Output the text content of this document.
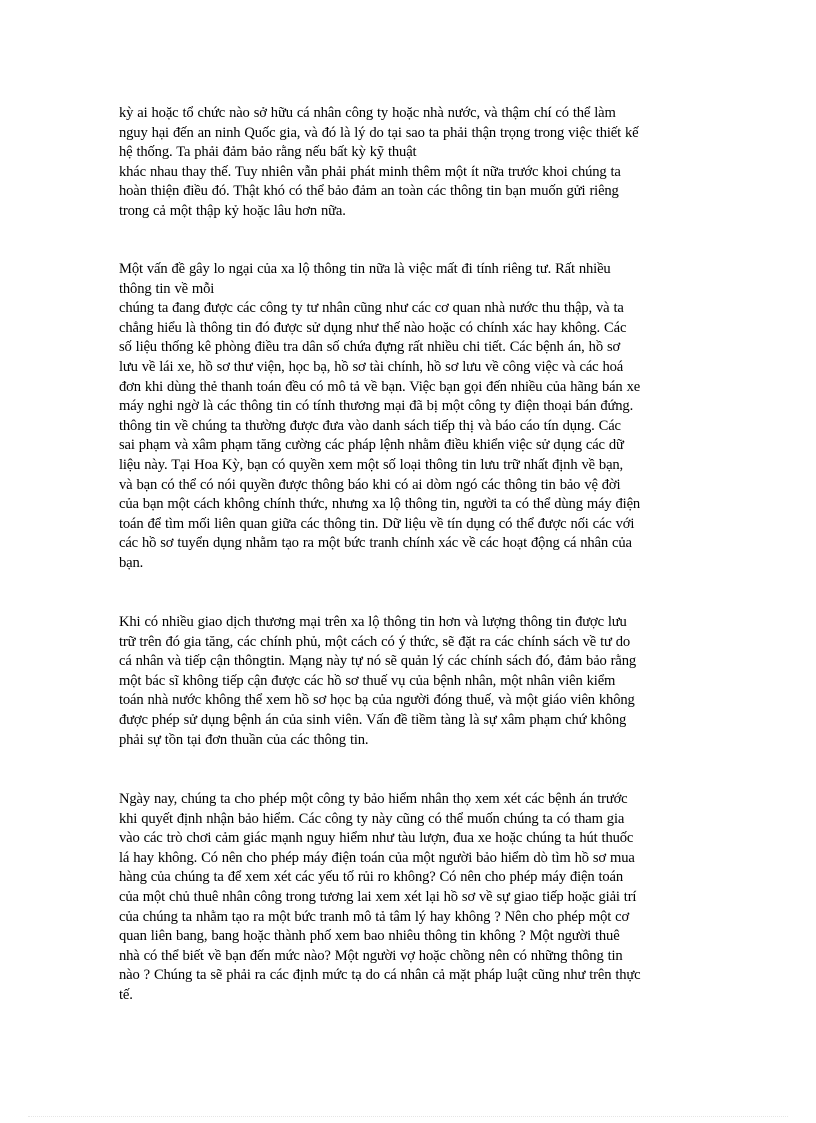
kỳ ai hoặc tổ chức nào sở hữu cá nhân công ty hoặc nhà nước, và thậm chí có thể làm
nguy hại đến an ninh Quốc gia, và đó là lý do tại sao ta phải thận trọng trong việc thiết kế
hệ thống. Ta phải đảm bảo rằng nếu bất kỳ kỹ thuật
khác nhau thay thế. Tuy nhiên vẫn phải phát minh thêm một ít nữa trước khoi chúng ta
hoàn thiện điều đó. Thật khó có thể bảo đảm an toàn các thông tin bạn muốn gửi riêng
trong cả một thập kỷ hoặc lâu hơn nữa.
Một vấn đề gây lo ngại của xa lộ thông tin nữa là việc mất đi tính riêng tư. Rất nhiều
thông tin về mỗi
chúng ta đang được các công ty tư nhân cũng như các cơ quan nhà nước thu thập, và ta
chẳng hiểu là thông tin đó được sử dụng như thế nào hoặc có chính xác hay không. Các
số liệu thống kê phòng điều tra dân số chứa đựng rất nhiều chi tiết. Các bệnh án, hồ sơ
lưu về lái xe, hồ sơ thư viện, học bạ, hồ sơ tài chính, hồ sơ lưu về công việc và các hoá
đơn khi dùng thẻ thanh toán đều có mô tả về bạn. Việc bạn gọi đến nhiều của hãng bán xe
máy nghi ngờ là các thông tin có tính thương mại đã bị một công ty điện thoại bán đứng.
thông tin về chúng ta thường được đưa vào danh sách tiếp thị và báo cáo tín dụng. Các
sai phạm và xâm phạm tăng cường các pháp lệnh nhằm điều khiển việc sử dụng các dữ
liệu này. Tại Hoa Kỳ, bạn có quyền xem một số loại thông tin lưu trữ nhất định về bạn,
và bạn có thể có nói quyền được thông báo khi có ai dòm ngó các thông tin bảo vệ đời
của bạn một cách không chính thức, nhưng xa lộ thông tin, người ta có thể dùng máy điện
toán để tìm mối liên quan giữa các thông tin. Dữ liệu về tín dụng có thể được nối các với
các hồ sơ tuyển dụng nhằm tạo ra một bức tranh chính xác về các hoạt động cá nhân của
bạn.
Khi có nhiều giao dịch thương mại trên xa lộ thông tin hơn và lượng thông tin được lưu
trữ trên đó gia tăng, các chính phủ, một cách có ý thức, sẽ đặt ra các chính sách về tư do
cá nhân và tiếp cận thôngtin. Mạng này tự nó sẽ quản lý các chính sách đó, đảm bảo rằng
một bác sĩ không tiếp cận được các hồ sơ thuế vụ của bệnh nhân, một nhân viên kiểm
toán nhà nước không thể xem hồ sơ học bạ của người đóng thuế, và một giáo viên không
được phép sử dụng bệnh án của sinh viên. Vấn đề tiềm tàng là sự xâm phạm chứ không
phải sự tồn tại đơn thuần của các thông tin.
Ngày nay, chúng ta cho phép một công ty bảo hiểm nhân thọ xem xét các bệnh án trước
khi quyết định nhận bảo hiểm. Các công ty này cũng có thể muốn chúng ta có tham gia
vào các trò chơi cảm giác mạnh nguy hiểm như tàu lượn, đua xe hoặc chúng ta hút thuốc
lá hay không. Có nên cho phép máy điện toán của một người bảo hiểm dò tìm hồ sơ mua
hàng của chúng ta để xem xét các yếu tố rủi ro không? Có nên cho phép máy điện toán
của một chủ thuê nhân công trong tương lai xem xét lại hồ sơ về sự giao tiếp hoặc giải trí
của chúng ta nhằm tạo ra một bức tranh mô tả tâm lý hay không ? Nên cho phép một cơ
quan liên bang, bang hoặc thành phố xem bao nhiêu thông tin không ? Một người thuê
nhà có thể biết về bạn đến mức nào? Một người vợ hoặc chồng nên có những thông tin
nào ? Chúng ta sẽ phải ra các định mức tạ do cá nhân cả mặt pháp luật cũng như trên thực
tế.
